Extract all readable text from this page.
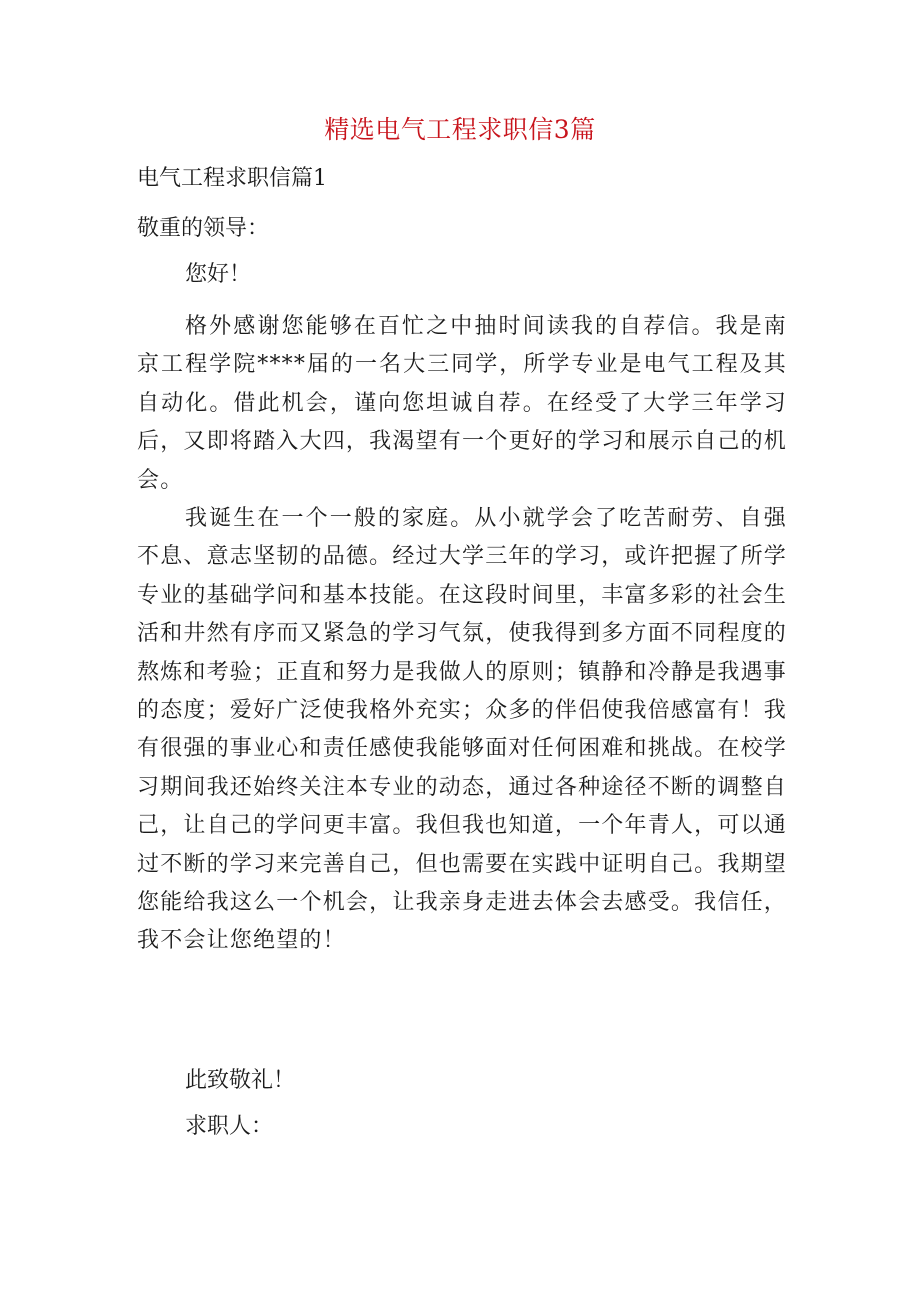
精选电气工程求职信3篇

电气工程求职信篇1

敬重的领导：

您好！

格外感谢您能够在百忙之中抽时间读我的自荐信。我是南京工程学院****届的一名大三同学，所学专业是电气工程及其自动化。借此机会，谨向您坦诚自荐。在经受了大学三年学习后，又即将踏入大四，我渴望有一个更好的学习和展示自己的机会。

我诞生在一个一般的家庭。从小就学会了吃苦耐劳、自强不息、意志坚韧的品德。经过大学三年的学习，或许把握了所学专业的基础学问和基本技能。在这段时间里，丰富多彩的社会生活和井然有序而又紧急的学习气氛，使我得到多方面不同程度的熬炼和考验；正直和努力是我做人的原则；镇静和冷静是我遇事的态度；爱好广泛使我格外充实；众多的伴侣使我倍感富有！我有很强的事业心和责任感使我能够面对任何困难和挑战。在校学习期间我还始终关注本专业的动态，通过各种途径不断的调整自己，让自己的学问更丰富。我但我也知道，一个年青人，可以通过不断的学习来完善自己，但也需要在实践中证明自己。我期望您能给我这么一个机会，让我亲身走进去体会去感受。我信任，我不会让您绝望的！

此致敬礼！

求职人：
